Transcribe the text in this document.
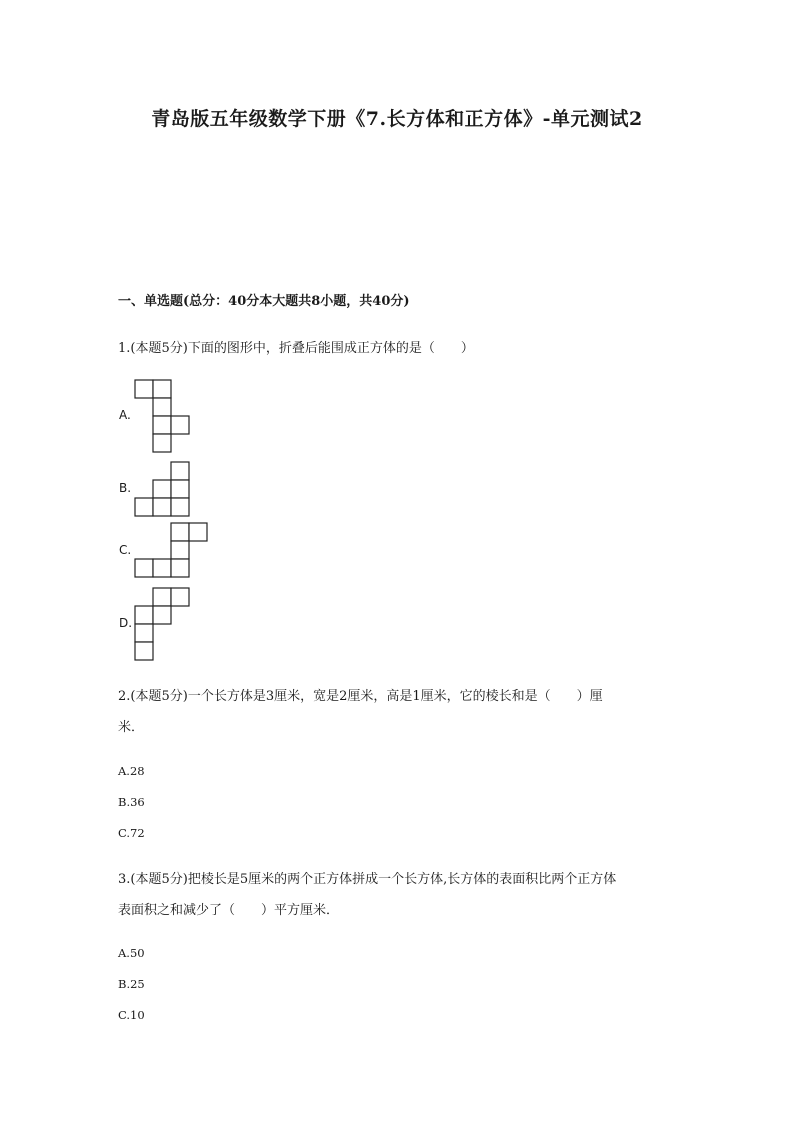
青岛版五年级数学下册《7.长方体和正方体》-单元测试2
一、单选题(总分：40分本大题共8小题，共40分)
1.(本题5分)下面的图形中，折叠后能围成正方体的是（　　）
A.
B.
C.
D.
2.(本题5分)一个长方体是3厘米，宽是2厘米，高是1厘米，它的棱长和是（　　）厘
米．
A.28
B.36
C.72
3.(本题5分)把棱长是5厘米的两个正方体拼成一个长方体,长方体的表面积比两个正方体
表面积之和减少了（　　）平方厘米．
A.50
B.25
C.10
